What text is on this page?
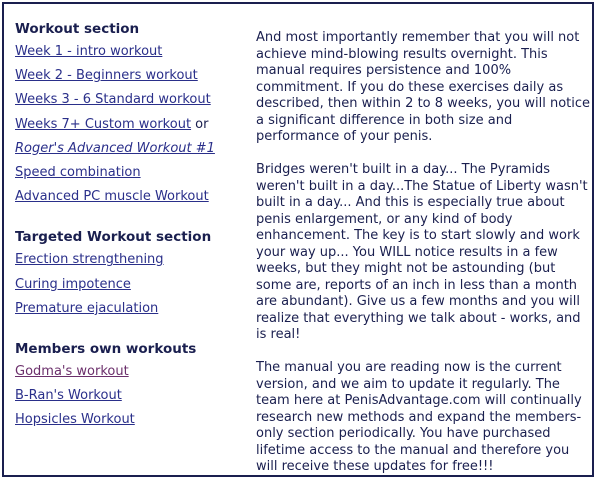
Workout section
Week 1 - intro workout
Week 2 - Beginners workout
Weeks 3 - 6 Standard workout
Weeks 7+ Custom workout or
Roger's Advanced Workout #1
Speed combination
Advanced PC muscle Workout
Targeted Workout section
Erection strengthening
Curing impotence
Premature ejaculation
Members own workouts
Godma's workout
B-Ran's Workout
Hopsicles Workout

And most importantly remember that you will not achieve mind-blowing results overnight. This manual requires persistence and 100% commitment. If you do these exercises daily as described, then within 2 to 8 weeks, you will notice a significant difference in both size and performance of your penis.

Bridges weren't built in a day... The Pyramids weren't built in a day...The Statue of Liberty wasn't built in a day... And this is especially true about penis enlargement, or any kind of body enhancement. The key is to start slowly and work your way up... You WILL notice results in a few weeks, but they might not be astounding (but some are, reports of an inch in less than a month are abundant). Give us a few months and you will realize that everything we talk about - works, and is real!

The manual you are reading now is the current version, and we aim to update it regularly. The team here at PenisAdvantage.com will continually research new methods and expand the members-only section periodically. You have purchased lifetime access to the manual and therefore you will receive these updates for free!!!
